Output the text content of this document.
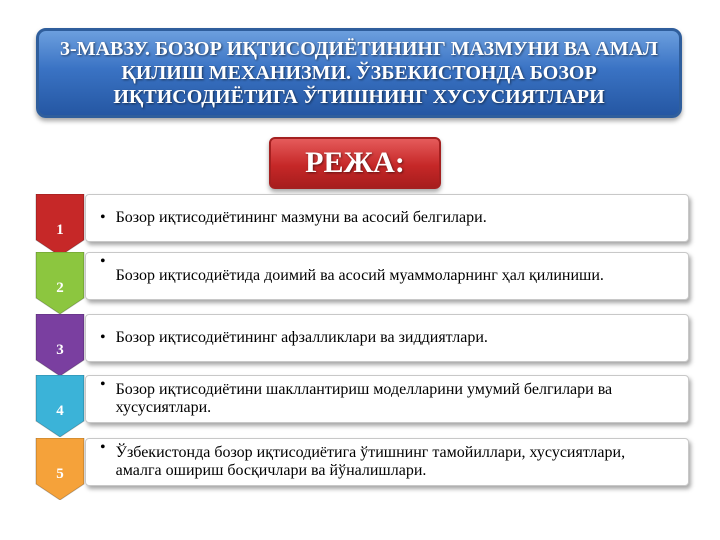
3-МАВЗУ. БОЗОР ИҚТИСОДИЁТИНИНГ МАЗМУНИ ВА АМАЛ ҚИЛИШ МЕХАНИЗМИ. ЎЗБЕКИСТОНДА БОЗОР ИҚТИСОДИЁТИГА ЎТИШНИНГ ХУСУСИЯТЛАРИ
РЕЖА:
1
• Бозор иқтисодиётининг мазмуни ва асосий белгилари.
2
•
Бозор иқтисодиётида доимий ва асосий муаммоларнинг ҳал қилиниши.
3
• Бозор иқтисодиётининг афзалликлари ва зиддиятлари.
4
• Бозор иқтисодиётини шакллантириш моделларини умумий белгилари ва хусусиятлари.
5
• Ўзбекистонда бозор иқтисодиётига ўтишнинг тамойиллари, хусусиятлари, амалга ошириш босқичлари ва йўналишлари.
